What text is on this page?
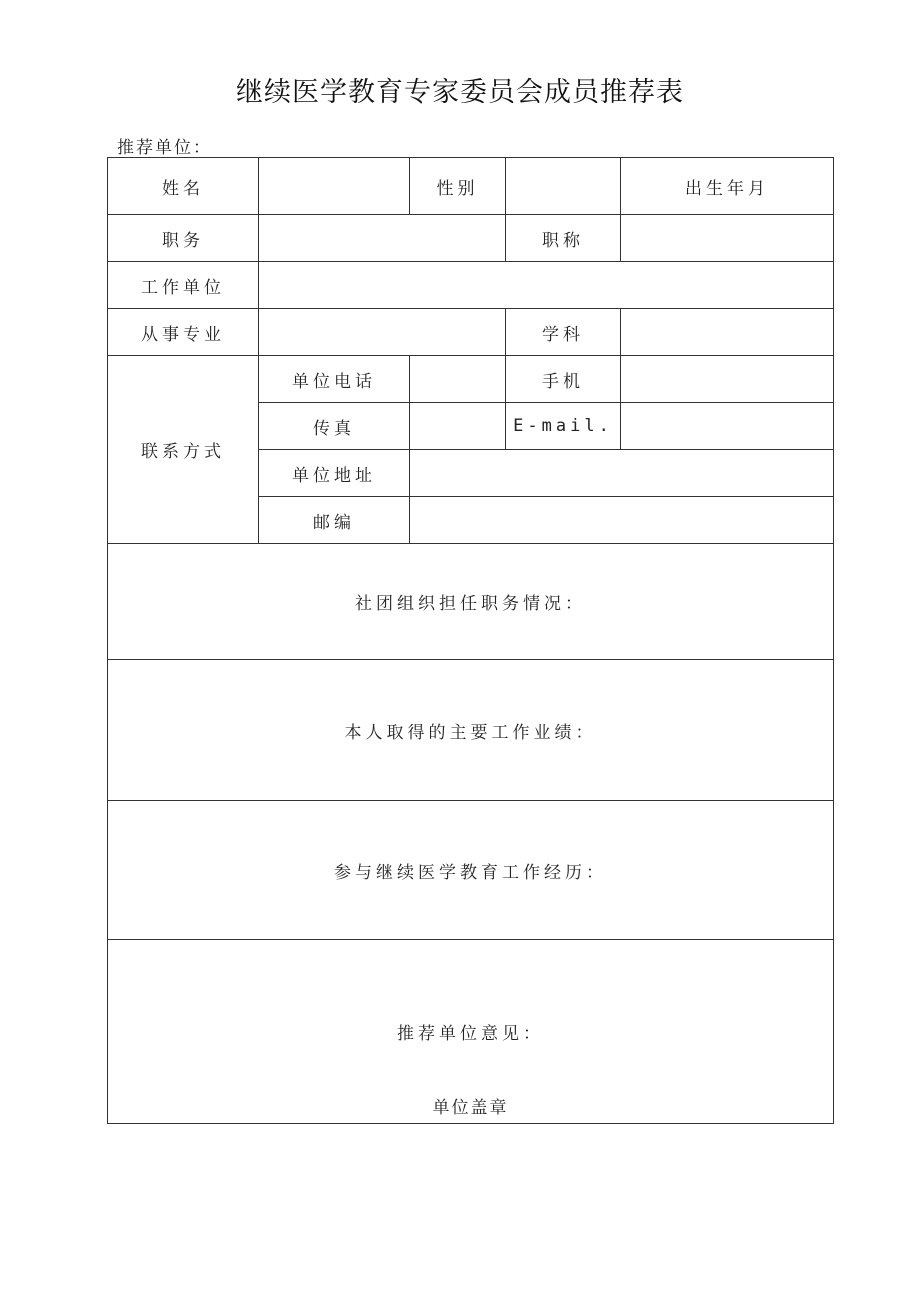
继续医学教育专家委员会成员推荐表
推荐单位：
姓名		性别		出生年月
职务			职称	
工作单位				
从事专业			学科	
联系方式	单位电话		手机	
	传真		E-mail.	
	单位地址			
	邮编			
社团组织担任职务情况：				
本人取得的主要工作业绩：				
参与继续医学教育工作经历：				
推荐单位意见：
单位盖章				
